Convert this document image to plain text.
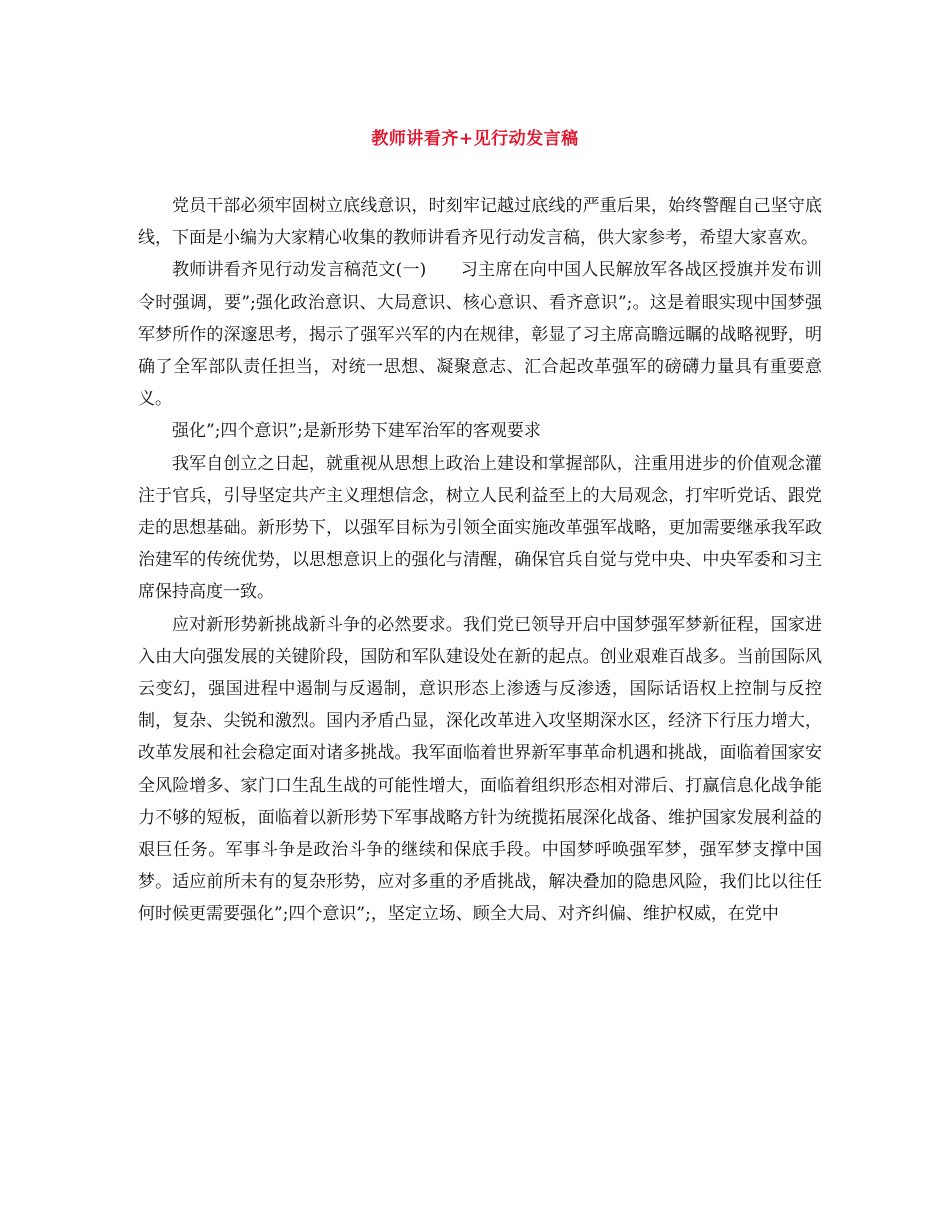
教师讲看齐+见行动发言稿

党员干部必须牢固树立底线意识，时刻牢记越过底线的严重后果，始终警醒自己坚守底线，下面是小编为大家精心收集的教师讲看齐见行动发言稿，供大家参考，希望大家喜欢。

教师讲看齐见行动发言稿范文(一)　　习主席在向中国人民解放军各战区授旗并发布训令时强调，要”;强化政治意识、大局意识、核心意识、看齐意识”;。这是着眼实现中国梦强军梦所作的深邃思考，揭示了强军兴军的内在规律，彰显了习主席高瞻远瞩的战略视野，明确了全军部队责任担当，对统一思想、凝聚意志、汇合起改革强军的磅礴力量具有重要意义。

强化”;四个意识”;是新形势下建军治军的客观要求

我军自创立之日起，就重视从思想上政治上建设和掌握部队，注重用进步的价值观念灌注于官兵，引导坚定共产主义理想信念，树立人民利益至上的大局观念，打牢听党话、跟党走的思想基础。新形势下，以强军目标为引领全面实施改革强军战略，更加需要继承我军政治建军的传统优势，以思想意识上的强化与清醒，确保官兵自觉与党中央、中央军委和习主席保持高度一致。

应对新形势新挑战新斗争的必然要求。我们党已领导开启中国梦强军梦新征程，国家进入由大向强发展的关键阶段，国防和军队建设处在新的起点。创业艰难百战多。当前国际风云变幻，强国进程中遏制与反遏制，意识形态上渗透与反渗透，国际话语权上控制与反控制，复杂、尖锐和激烈。国内矛盾凸显，深化改革进入攻坚期深水区，经济下行压力增大，改革发展和社会稳定面对诸多挑战。我军面临着世界新军事革命机遇和挑战，面临着国家安全风险增多、家门口生乱生战的可能性增大，面临着组织形态相对滞后、打赢信息化战争能力不够的短板，面临着以新形势下军事战略方针为统揽拓展深化战备、维护国家发展利益的艰巨任务。军事斗争是政治斗争的继续和保底手段。中国梦呼唤强军梦，强军梦支撑中国梦。适应前所未有的复杂形势，应对多重的矛盾挑战，解决叠加的隐患风险，我们比以往任何时候更需要强化”;四个意识”;，坚定立场、顾全大局、对齐纠偏、维护权威，在党中
